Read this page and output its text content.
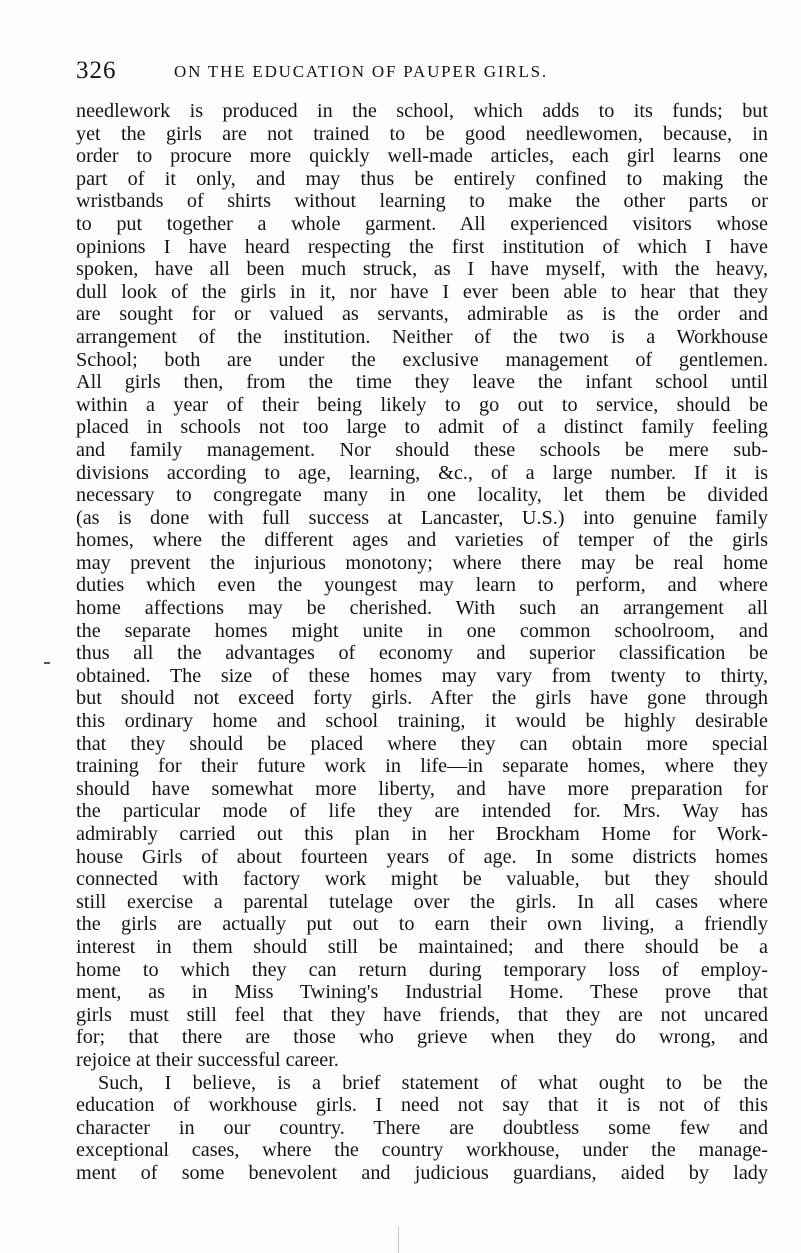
326	ON THE EDUCATION OF PAUPER GIRLS.
needlework is produced in the school, which adds to its funds; but
yet the girls are not trained to be good needlewomen, because, in
order to procure more quickly well-made articles, each girl learns one
part of it only, and may thus be entirely confined to making the
wristbands of shirts without learning to make the other parts or
to put together a whole garment. All experienced visitors whose
opinions I have heard respecting the first institution of which I have
spoken, have all been much struck, as I have myself, with the heavy,
dull look of the girls in it, nor have I ever been able to hear that they
are sought for or valued as servants, admirable as is the order and
arrangement of the institution. Neither of the two is a Workhouse
School; both are under the exclusive management of gentlemen.
All girls then, from the time they leave the infant school until
within a year of their being likely to go out to service, should be
placed in schools not too large to admit of a distinct family feeling
and family management. Nor should these schools be mere sub-
divisions according to age, learning, &c., of a large number. If it is
necessary to congregate many in one locality, let them be divided
(as is done with full success at Lancaster, U.S.) into genuine family
homes, where the different ages and varieties of temper of the girls
may prevent the injurious monotony; where there may be real home
duties which even the youngest may learn to perform, and where
home affections may be cherished. With such an arrangement all
the separate homes might unite in one common schoolroom, and
thus all the advantages of economy and superior classification be
obtained. The size of these homes may vary from twenty to thirty,
but should not exceed forty girls. After the girls have gone through
this ordinary home and school training, it would be highly desirable
that they should be placed where they can obtain more special
training for their future work in life—in separate homes, where they
should have somewhat more liberty, and have more preparation for
the particular mode of life they are intended for. Mrs. Way has
admirably carried out this plan in her Brockham Home for Work-
house Girls of about fourteen years of age. In some districts homes
connected with factory work might be valuable, but they should
still exercise a parental tutelage over the girls. In all cases where
the girls are actually put out to earn their own living, a friendly
interest in them should still be maintained; and there should be a
home to which they can return during temporary loss of employ-
ment, as in Miss Twining's Industrial Home. These prove that
girls must still feel that they have friends, that they are not uncared
for; that there are those who grieve when they do wrong, and
rejoice at their successful career.
Such, I believe, is a brief statement of what ought to be the
education of workhouse girls. I need not say that it is not of this
character in our country. There are doubtless some few and
exceptional cases, where the country workhouse, under the manage-
ment of some benevolent and judicious guardians, aided by lady
